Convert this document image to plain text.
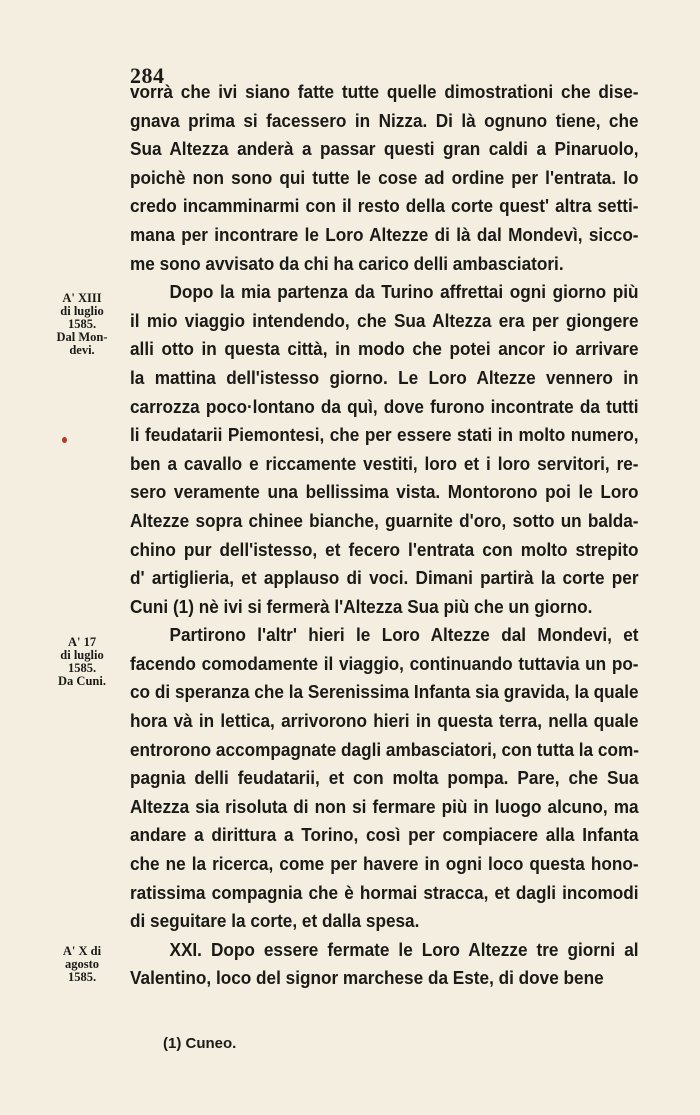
284
vorrà che ivi siano fatte tutte quelle dimostrationi che dise-
gnava prima si facessero in Nizza. Di là ognuno tiene, che
Sua Altezza anderà a passar questi gran caldi a Pinaruolo,
poichè non sono qui tutte le cose ad ordine per l'entrata. Io
credo incamminarmi con il resto della corte quest' altra setti-
mana per incontrare le Loro Altezze di là dal Mondevì, sicco-
me sono avvisato da chi ha carico delli ambasciatori.
Dopo la mia partenza da Turino affrettai ogni giorno più
il mio viaggio intendendo, che Sua Altezza era per giongere
alli otto in questa città, in modo che potei ancor io arrivare
la mattina dell'istesso giorno. Le Loro Altezze vennero in
carrozza poco·lontano da quì, dove furono incontrate da tutti
li feudatarii Piemontesi, che per essere stati in molto numero,
ben a cavallo e riccamente vestiti, loro et i loro servitori, re-
sero veramente una bellissima vista. Montorono poi le Loro
Altezze sopra chinee bianche, guarnite d'oro, sotto un balda-
chino pur dell'istesso, et fecero l'entrata con molto strepito
d' artiglieria, et applauso di voci. Dimani partirà la corte per
Cuni (1) nè ivi si fermerà l'Altezza Sua più che un giorno.
Partirono l'altr' hieri le Loro Altezze dal Mondevi, et
facendo comodamente il viaggio, continuando tuttavia un po-
co di speranza che la Serenissima Infanta sia gravida, la quale
hora và in lettica, arrivorono hieri in questa terra, nella quale
entrorono accompagnate dagli ambasciatori, con tutta la com-
pagnia delli feudatarii, et con molta pompa. Pare, che Sua
Altezza sia risoluta di non si fermare più in luogo alcuno, ma
andare a dirittura a Torino, così per compiacere alla Infanta
che ne la ricerca, come per havere in ogni loco questa hono-
ratissima compagnia che è hormai stracca, et dagli incomodi
di seguitare la corte, et dalla spesa.
XXI. Dopo essere fermate le Loro Altezze tre giorni al
Valentino, loco del signor marchese da Este, di dove bene
A' XIII
di luglio
1585.
Dal Mon-
devi.
A' 17
di luglio
1585.
Da Cuni.
A' X di
agosto
1585.
(1) Cuneo.
